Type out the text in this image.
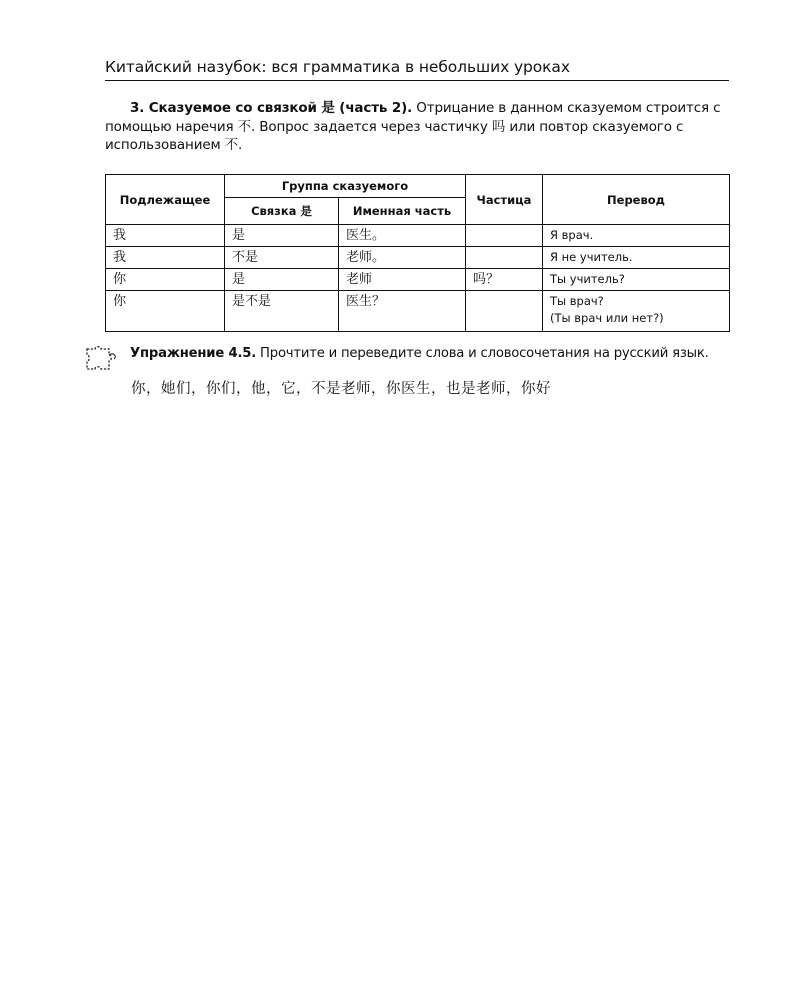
Китайский назубок: вся грамматика в небольших уроках

3. Сказуемое со связкой 是 (часть 2). Отрицание в данном сказуемом строится с помощью наречия 不. Вопрос задается через частичку 吗 или повтор сказуемого с использованием 不.

Подлежащее	Группа сказуемого		Частица	Перевод
	Связка 是	Именная часть		
我	是	医生。		Я врач.
我	不是	老师。		Я не учитель.
你	是	老师	吗？	Ты учитель?
你	是不是	医生？		Ты врач?
(Ты врач или нет?)
Упражнение 4.5. Прочтите и переведите слова и словосочетания на русский язык.
你，她们，你们，他，它，不是老师，你医生，也是老师，你好
